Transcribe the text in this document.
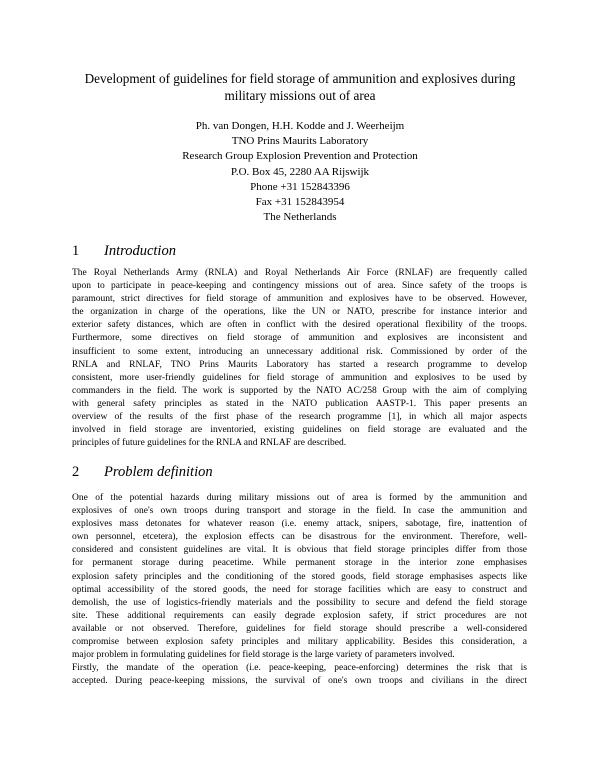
Development of guidelines for field storage of ammunition and explosives during
military missions out of area
Ph. van Dongen, H.H. Kodde and J. Weerheijm
TNO Prins Maurits Laboratory
Research Group Explosion Prevention and Protection
P.O. Box 45, 2280 AA Rijswijk
Phone +31 152843396
Fax +31 152843954
The Netherlands
1 Introduction
The Royal Netherlands Army (RNLA) and Royal Netherlands Air Force (RNLAF) are frequently called
upon to participate in peace-keeping and contingency missions out of area. Since safety of the troops is
paramount, strict directives for field storage of ammunition and explosives have to be observed. However,
the organization in charge of the operations, like the UN or NATO, prescribe for instance interior and
exterior safety distances, which are often in conflict with the desired operational flexibility of the troops.
Furthermore, some directives on field storage of ammunition and explosives are inconsistent and
insufficient to some extent, introducing an unnecessary additional risk. Commissioned by order of the
RNLA and RNLAF, TNO Prins Maurits Laboratory has started a research programme to develop
consistent, more user-friendly guidelines for field storage of ammunition and explosives to be used by
commanders in the field. The work is supported by the NATO AC/258 Group with the aim of complying
with general safety principles as stated in the NATO publication AASTP-1. This paper presents an
overview of the results of the first phase of the research programme [1], in which all major aspects
involved in field storage are inventoried, existing guidelines on field storage are evaluated and the
principles of future guidelines for the RNLA and RNLAF are described.
2 Problem definition
One of the potential hazards during military missions out of area is formed by the ammunition and
explosives of one's own troops during transport and storage in the field. In case the ammunition and
explosives mass detonates for whatever reason (i.e. enemy attack, snipers, sabotage, fire, inattention of
own personnel, etcetera), the explosion effects can be disastrous for the environment. Therefore, well-
considered and consistent guidelines are vital. It is obvious that field storage principles differ from those
for permanent storage during peacetime. While permanent storage in the interior zone emphasises
explosion safety principles and the conditioning of the stored goods, field storage emphasises aspects like
optimal accessibility of the stored goods, the need for storage facilities which are easy to construct and
demolish, the use of logistics-friendly materials and the possibility to secure and defend the field storage
site. These additional requirements can easily degrade explosion safety, if strict procedures are not
available or not observed. Therefore, guidelines for field storage should prescribe a well-considered
compromise between explosion safety principles and military applicability. Besides this consideration, a
major problem in formulating guidelines for field storage is the large variety of parameters involved.
Firstly, the mandate of the operation (i.e. peace-keeping, peace-enforcing) determines the risk that is
accepted. During peace-keeping missions, the survival of one's own troops and civilians in the direct
